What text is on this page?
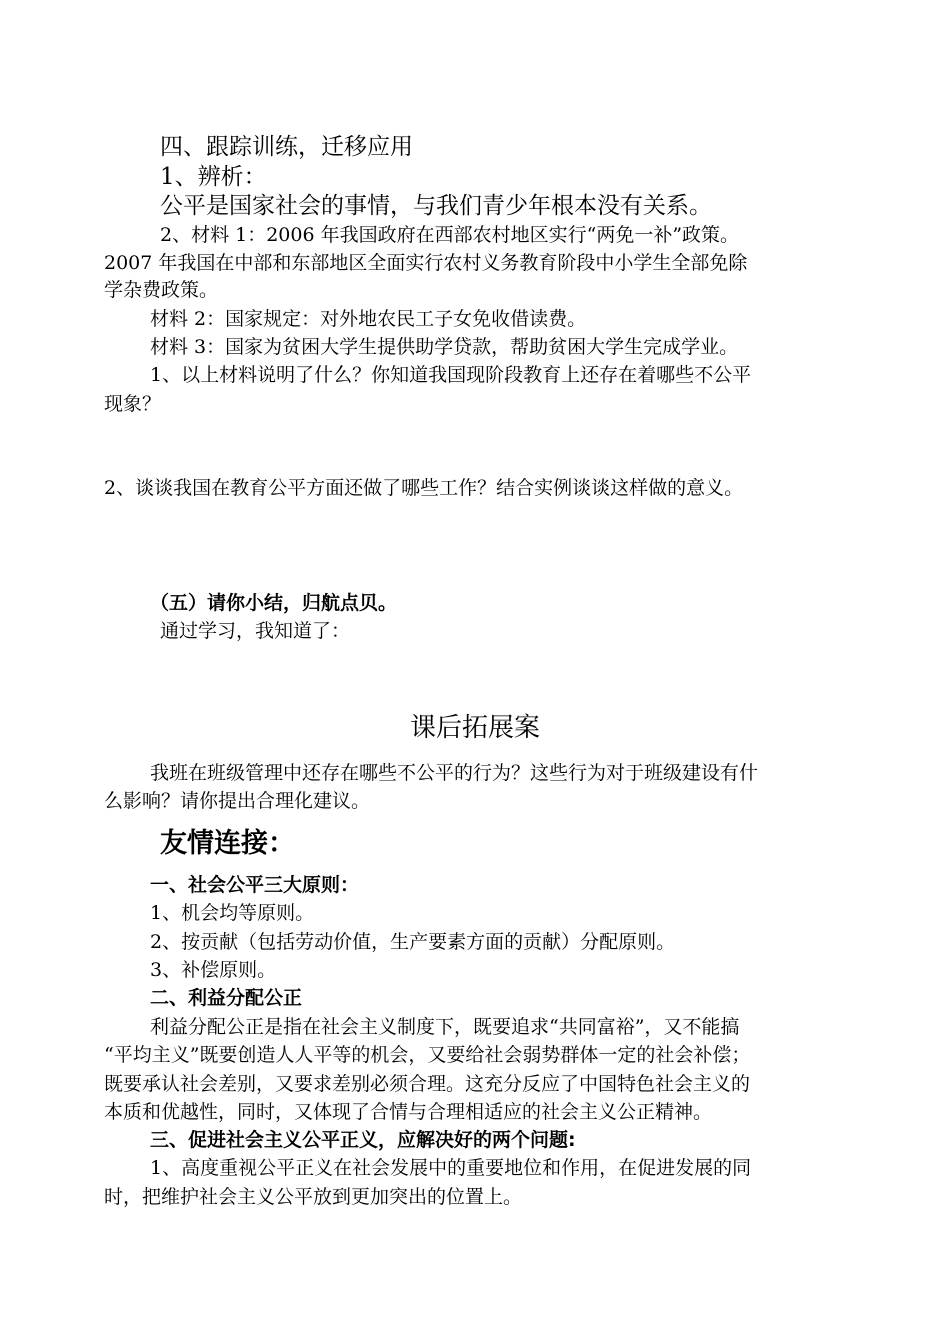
四、跟踪训练，迁移应用
1、辨析：
公平是国家社会的事情，与我们青少年根本没有关系。
2、材料 1：2006 年我国政府在西部农村地区实行“两免一补”政策。
2007 年我国在中部和东部地区全面实行农村义务教育阶段中小学生全部免除
学杂费政策。
材料 2：国家规定：对外地农民工子女免收借读费。
材料 3：国家为贫困大学生提供助学贷款，帮助贫困大学生完成学业。
1、以上材料说明了什么？你知道我国现阶段教育上还存在着哪些不公平
现象？
2、谈谈我国在教育公平方面还做了哪些工作？结合实例谈谈这样做的意义。
（五）请你小结，归航点贝。
通过学习，我知道了：
课后拓展案
我班在班级管理中还存在哪些不公平的行为？这些行为对于班级建设有什
么影响？请你提出合理化建议。
友情连接：
一、社会公平三大原则：
1、机会均等原则。
2、按贡献（包括劳动价值，生产要素方面的贡献）分配原则。
3、补偿原则。
二、利益分配公正
利益分配公正是指在社会主义制度下，既要追求“共同富裕”，又不能搞
“平均主义”既要创造人人平等的机会，又要给社会弱势群体一定的社会补偿；
既要承认社会差别，又要求差别必须合理。这充分反应了中国特色社会主义的
本质和优越性，同时，又体现了合情与合理相适应的社会主义公正精神。
三、促进社会主义公平正义，应解决好的两个问题:
1、高度重视公平正义在社会发展中的重要地位和作用，在促进发展的同
时，把维护社会主义公平放到更加突出的位置上。
